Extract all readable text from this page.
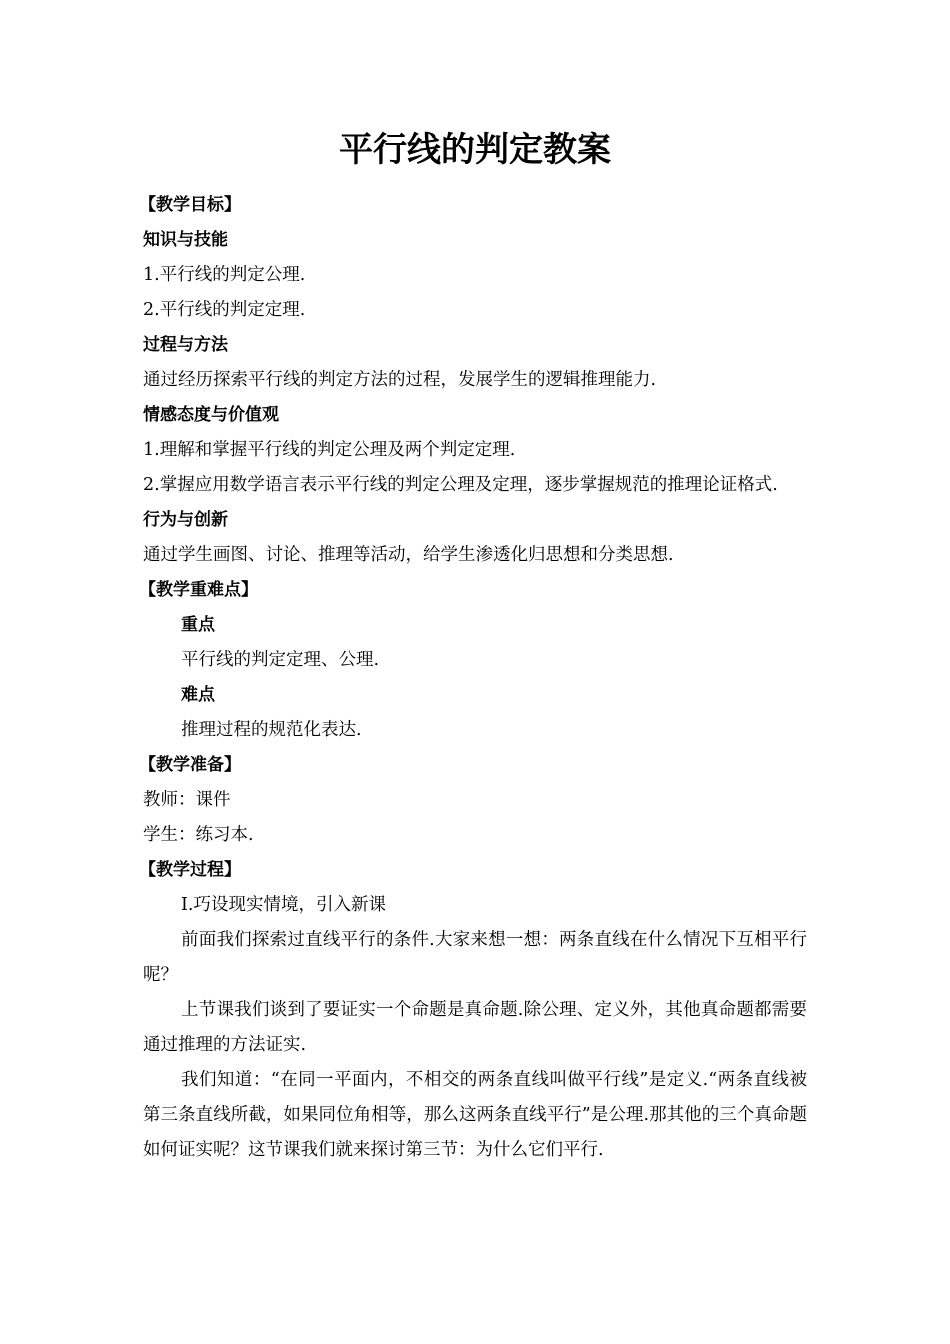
平行线的判定教案

【教学目标】

知识与技能

1.平行线的判定公理.

2.平行线的判定定理.

过程与方法

通过经历探索平行线的判定方法的过程，发展学生的逻辑推理能力.

情感态度与价值观

1.理解和掌握平行线的判定公理及两个判定定理.

2.掌握应用数学语言表示平行线的判定公理及定理，逐步掌握规范的推理论证格式.

行为与创新

通过学生画图、讨论、推理等活动，给学生渗透化归思想和分类思想.

【教学重难点】

重点

平行线的判定定理、公理.

难点

推理过程的规范化表达.

【教学准备】

教师：课件

学生：练习本.

【教学过程】

Ⅰ.巧设现实情境，引入新课

前面我们探索过直线平行的条件.大家来想一想：两条直线在什么情况下互相平行呢？

上节课我们谈到了要证实一个命题是真命题.除公理、定义外，其他真命题都需要通过推理的方法证实.

我们知道：“在同一平面内，不相交的两条直线叫做平行线”是定义.“两条直线被第三条直线所截，如果同位角相等，那么这两条直线平行”是公理.那其他的三个真命题如何证实呢？这节课我们就来探讨第三节：为什么它们平行.
